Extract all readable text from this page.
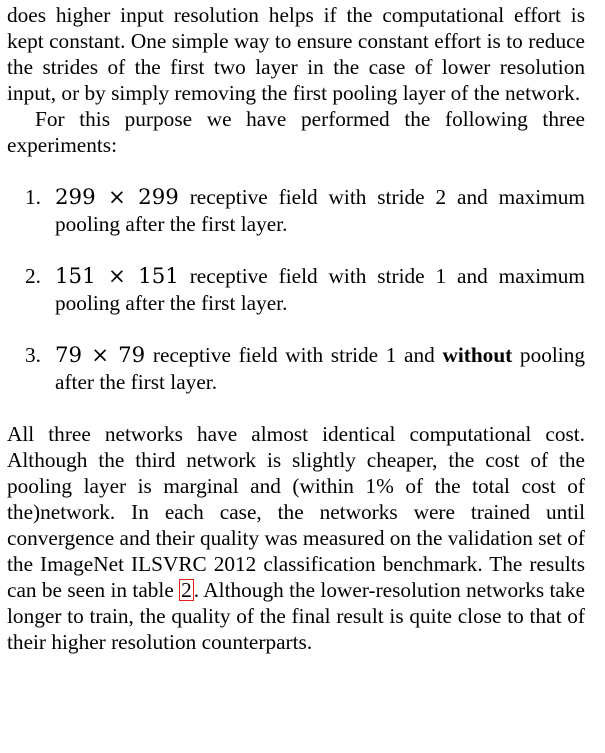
does higher input resolution helps if the computational effort is kept constant. One simple way to ensure constant effort is to reduce the strides of the first two layer in the case of lower resolution input, or by simply removing the first pooling layer of the network.

For this purpose we have performed the following three experiments:

1. 299 × 299 receptive field with stride 2 and maximum pooling after the first layer.
2. 151 × 151 receptive field with stride 1 and maximum pooling after the first layer.
3. 79 × 79 receptive field with stride 1 and without pooling after the first layer.

All three networks have almost identical computational cost. Although the third network is slightly cheaper, the cost of the pooling layer is marginal and (within 1% of the total cost of the)network. In each case, the networks were trained until convergence and their quality was measured on the validation set of the ImageNet ILSVRC 2012 classification benchmark. The results can be seen in table 2. Although the lower-resolution networks take longer to train, the quality of the final result is quite close to that of their higher resolution counterparts.
